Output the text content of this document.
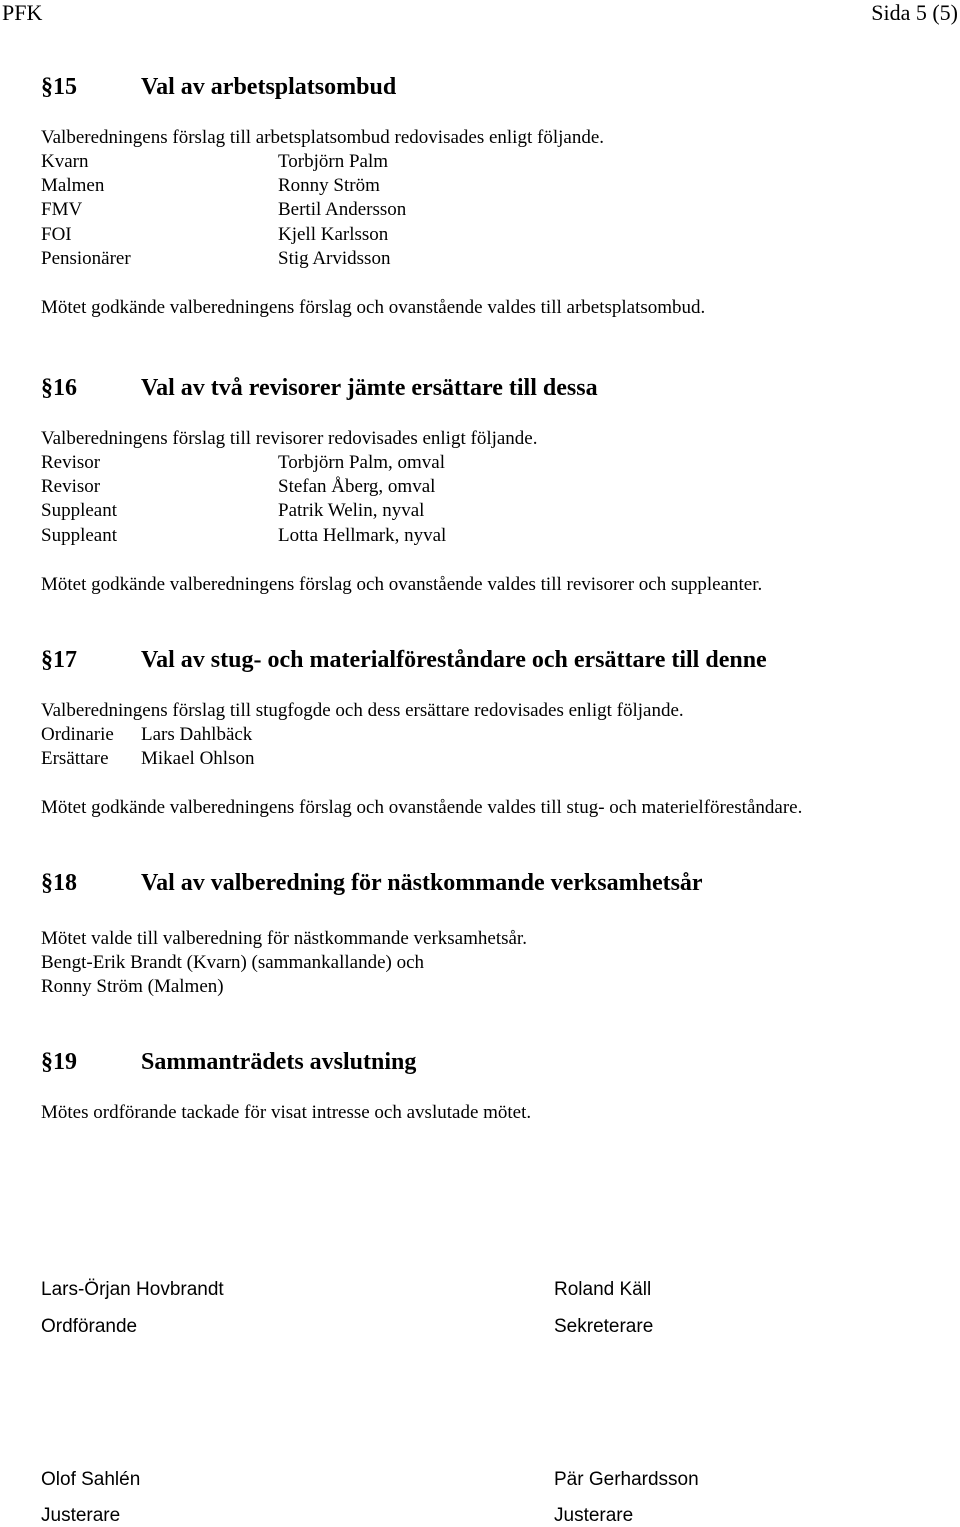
PFK	Sida 5 (5)
§15	Val av arbetsplatsombud
Valberedningens förslag till arbetsplatsombud redovisades enligt följande.
Kvarn	Torbjörn Palm
Malmen	Ronny Ström
FMV	Bertil Andersson
FOI	Kjell Karlsson
Pensionärer	Stig Arvidsson
Mötet godkände valberedningens förslag och ovanstående valdes till arbetsplatsombud.
§16	Val av två revisorer jämte ersättare till dessa
Valberedningens förslag till revisorer redovisades enligt följande.
Revisor	Torbjörn Palm, omval
Revisor	Stefan Åberg, omval
Suppleant	Patrik Welin, nyval
Suppleant	Lotta Hellmark, nyval
Mötet godkände valberedningens förslag och ovanstående valdes till revisorer och suppleanter.
§17	Val av stug- och materialföreståndare och ersättare till denne
Valberedningens förslag till stugfogde och dess ersättare redovisades enligt följande.
Ordinarie Lars Dahlbäck
Ersättare Mikael Ohlson
Mötet godkände valberedningens förslag och ovanstående valdes till stug- och materielföreståndare.
§18	Val av valberedning för nästkommande verksamhetsår
Mötet valde till valberedning för nästkommande verksamhetsår.
Bengt-Erik Brandt (Kvarn) (sammankallande) och
Ronny Ström (Malmen)
§19	Sammanträdets avslutning
Mötes ordförande tackade för visat intresse och avslutade mötet.
Lars-Örjan Hovbrandt
Ordförande
Roland Käll
Sekreterare
Olof Sahlén
Justerare
Pär Gerhardsson
Justerare
